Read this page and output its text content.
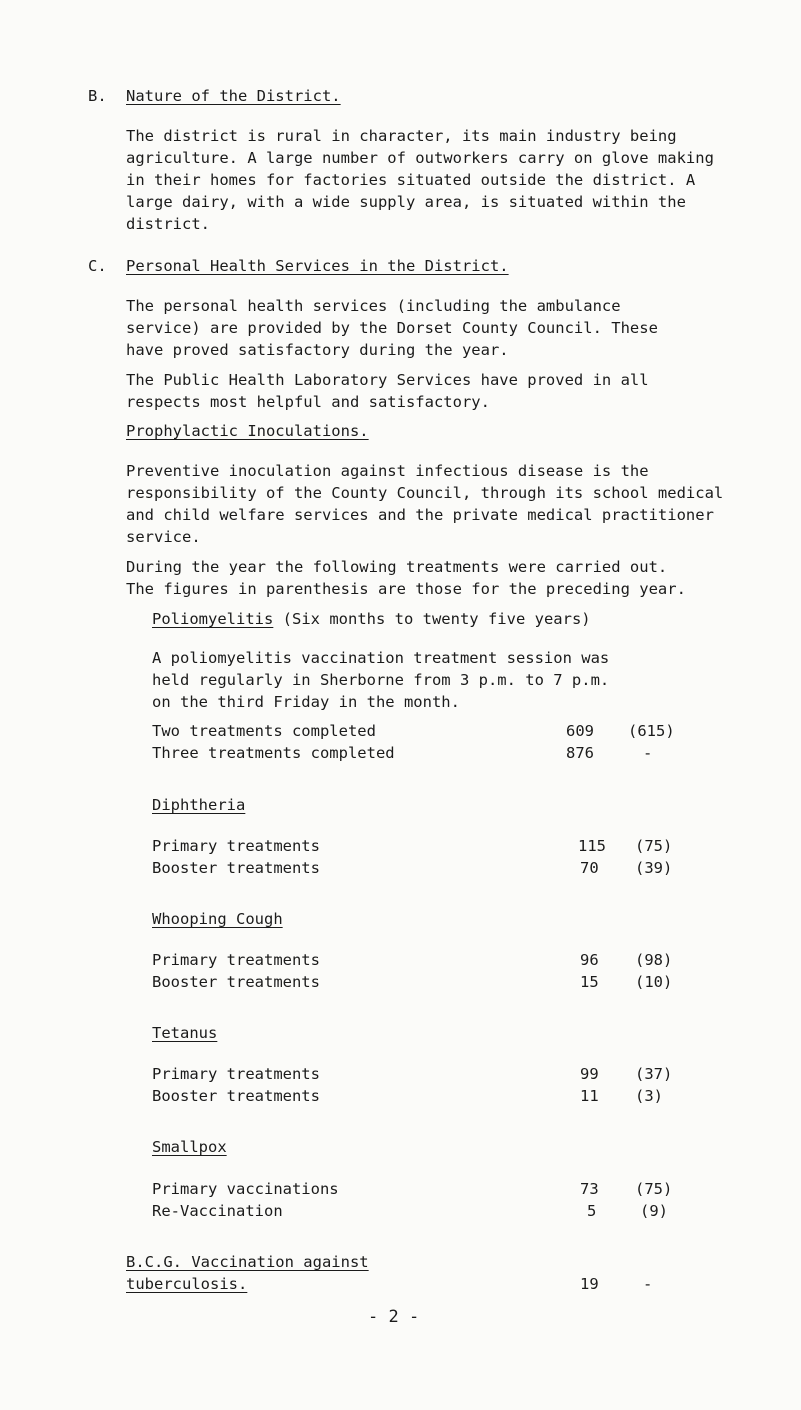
B. Nature of the District.
The district is rural in character, its main industry being
agriculture. A large number of outworkers carry on glove making
in their homes for factories situated outside the district. A
large dairy, with a wide supply area, is situated within the
district.
C. Personal Health Services in the District.
The personal health services (including the ambulance
service) are provided by the Dorset County Council. These
have proved satisfactory during the year.
The Public Health Laboratory Services have proved in all
respects most helpful and satisfactory.
Prophylactic Inoculations.
Preventive inoculation against infectious disease is the
responsibility of the County Council, through its school medical
and child welfare services and the private medical practitioner
service.
During the year the following treatments were carried out.
The figures in parenthesis are those for the preceding year.
Poliomyelitis (Six months to twenty five years)
A poliomyelitis vaccination treatment session was
held regularly in Sherborne from 3 p.m. to 7 p.m.
on the third Friday in the month.
Two treatments completed	609 (615)
Three treatments completed	876	-
Diphtheria
Primary treatments	115 (75)
Booster treatments	70 (39)
Whooping Cough
Primary treatments	96 (98)
Booster treatments	15 (10)
Tetanus
Primary treatments	99 (37)
Booster treatments	11 (3)
Smallpox
Primary vaccinations	73 (75)
Re-Vaccination	5	(9)
B.C.G. Vaccination against
tuberculosis.	19	-
- 2 -
